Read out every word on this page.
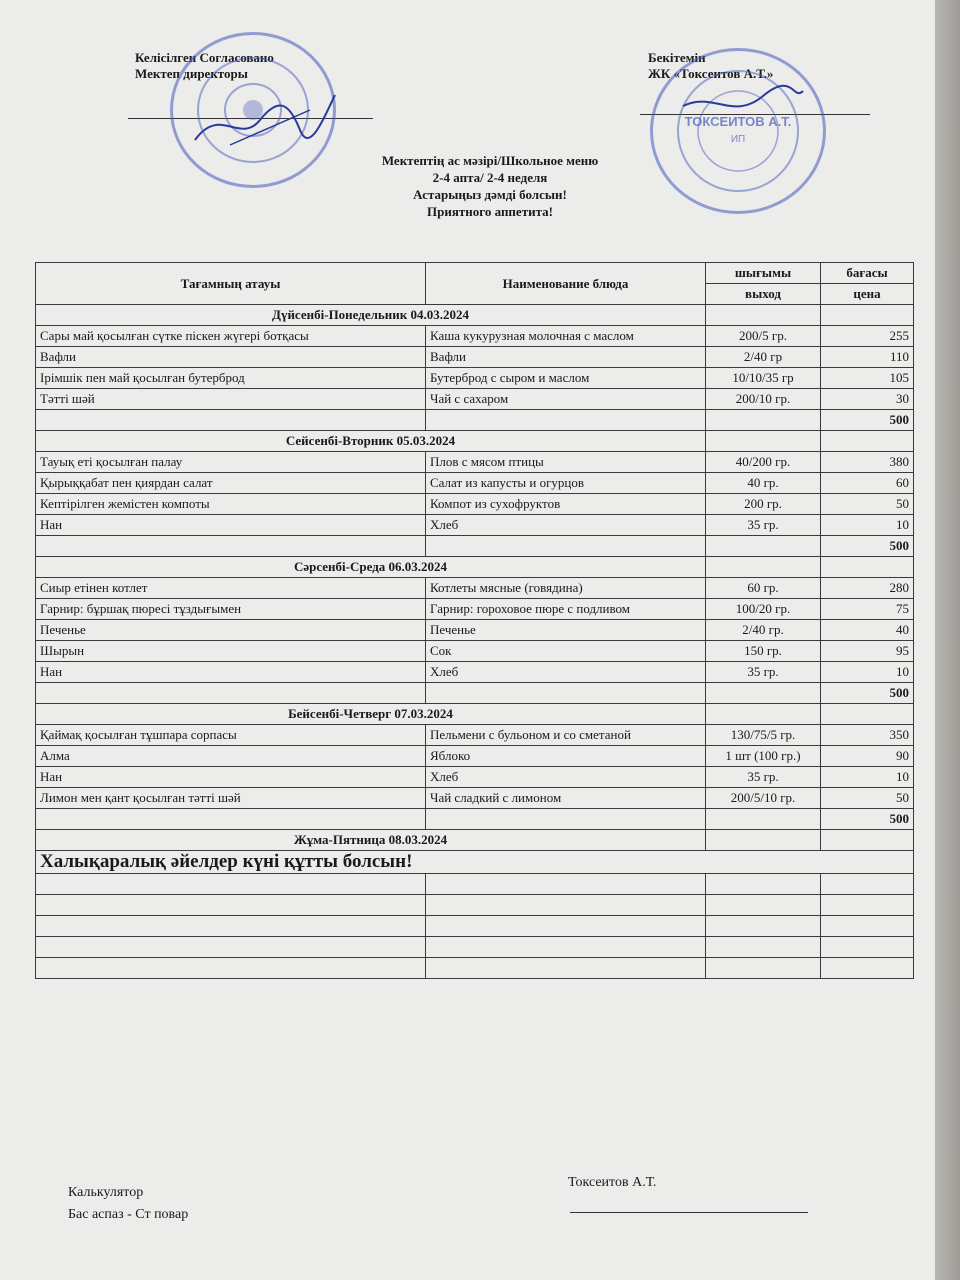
Келісілген Согласовано
Мектеп директоры
Бекітемін
ЖК «Токсеитов А.Т.»
ТОКСЕИТОВ А.Т.
ИП
Мектептің ас мәзірі/Школьное меню
2-4 апта/ 2-4 неделя
Астарыңыз дәмді болсын!
Приятного аппетита!
Тағамның атауы	Наименование блюда	шығымы	бағасы
		выход	цена
Дүйсенбі-Понедельник 04.03.2024			
Сары май қосылған сүтке піскен жүгері ботқасы	Каша кукурузная молочная с маслом	200/5 гр.	255
Вафли	Вафли	2/40 гр	110
Ірімшік пен май қосылған бутерброд	Бутерброд с сыром и маслом	10/10/35 гр	105
Тәтті шәй	Чай с сахаром	200/10 гр.	30
			500
Сейсенбі-Вторник 05.03.2024			
Тауық еті қосылған палау	Плов с мясом птицы	40/200 гр.	380
Қырыққабат пен қиярдан салат	Салат из капусты и огурцов	40 гр.	60
Кептірілген жемістен компоты	Компот из сухофруктов	200 гр.	50
Нан	Хлеб	35 гр.	10
			500
Сәрсенбі-Среда 06.03.2024			
Сиыр етінен котлет	Котлеты мясные (говядина)	60 гр.	280
Гарнир: бұршақ пюресі тұздығымен	Гарнир: гороховое пюре с подливом	100/20 гр.	75
Печенье	Печенье	2/40 гр.	40
Шырын	Сок	150 гр.	95
Нан	Хлеб	35 гр.	10
			500
Бейсенбі-Четверг 07.03.2024			
Қаймақ қосылған тұшпара сорпасы	Пельмени с бульоном и со сметаной	130/75/5 гр.	350
Алма	Яблоко	1 шт (100 гр.)	90
Нан	Хлеб	35 гр.	10
Лимон мен қант қосылған тәтті шәй	Чай сладкий с лимоном	200/5/10 гр.	50
			500
Жұма-Пятница 08.03.2024			
Халықаралық әйелдер күні құтты болсын!			

Калькулятор
Бас аспаз - Ст повар
Токсеитов А.Т.
